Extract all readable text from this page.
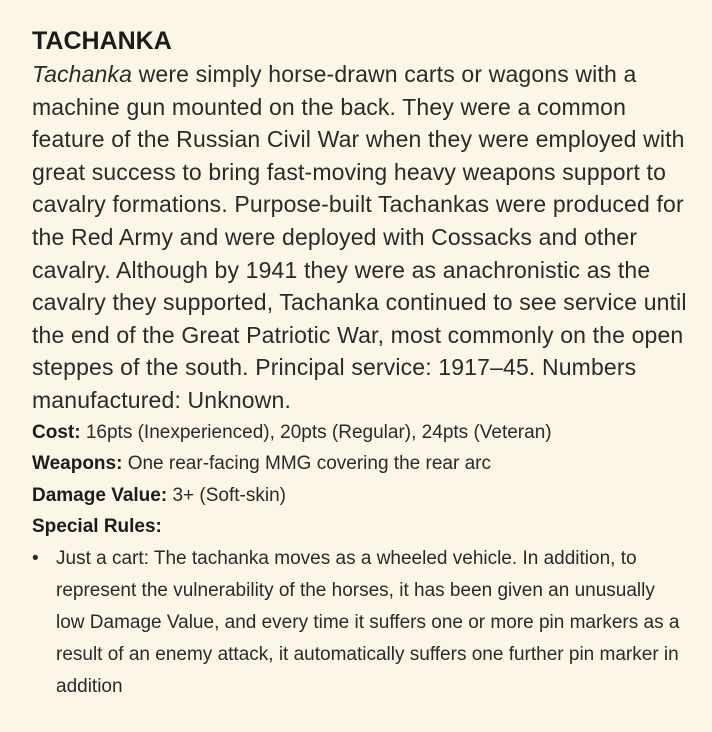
TACHANKA

Tachanka were simply horse-drawn carts or wagons with a machine gun mounted on the back. They were a common feature of the Russian Civil War when they were employed with great success to bring fast-moving heavy weapons support to cavalry formations. Purpose-built Tachankas were produced for the Red Army and were deployed with Cossacks and other cavalry. Although by 1941 they were as anachronistic as the cavalry they supported, Tachanka continued to see service until the end of the Great Patriotic War, most commonly on the open steppes of the south. Principal service: 1917–45. Numbers manufactured: Unknown.

Cost: 16pts (Inexperienced), 20pts (Regular), 24pts (Veteran)

Weapons: One rear-facing MMG covering the rear arc

Damage Value: 3+ (Soft-skin)

Special Rules:

• Just a cart: The tachanka moves as a wheeled vehicle. In addition, to represent the vulnerability of the horses, it has been given an unusually low Damage Value, and every time it suffers one or more pin markers as a result of an enemy attack, it automatically suffers one further pin marker in addition
